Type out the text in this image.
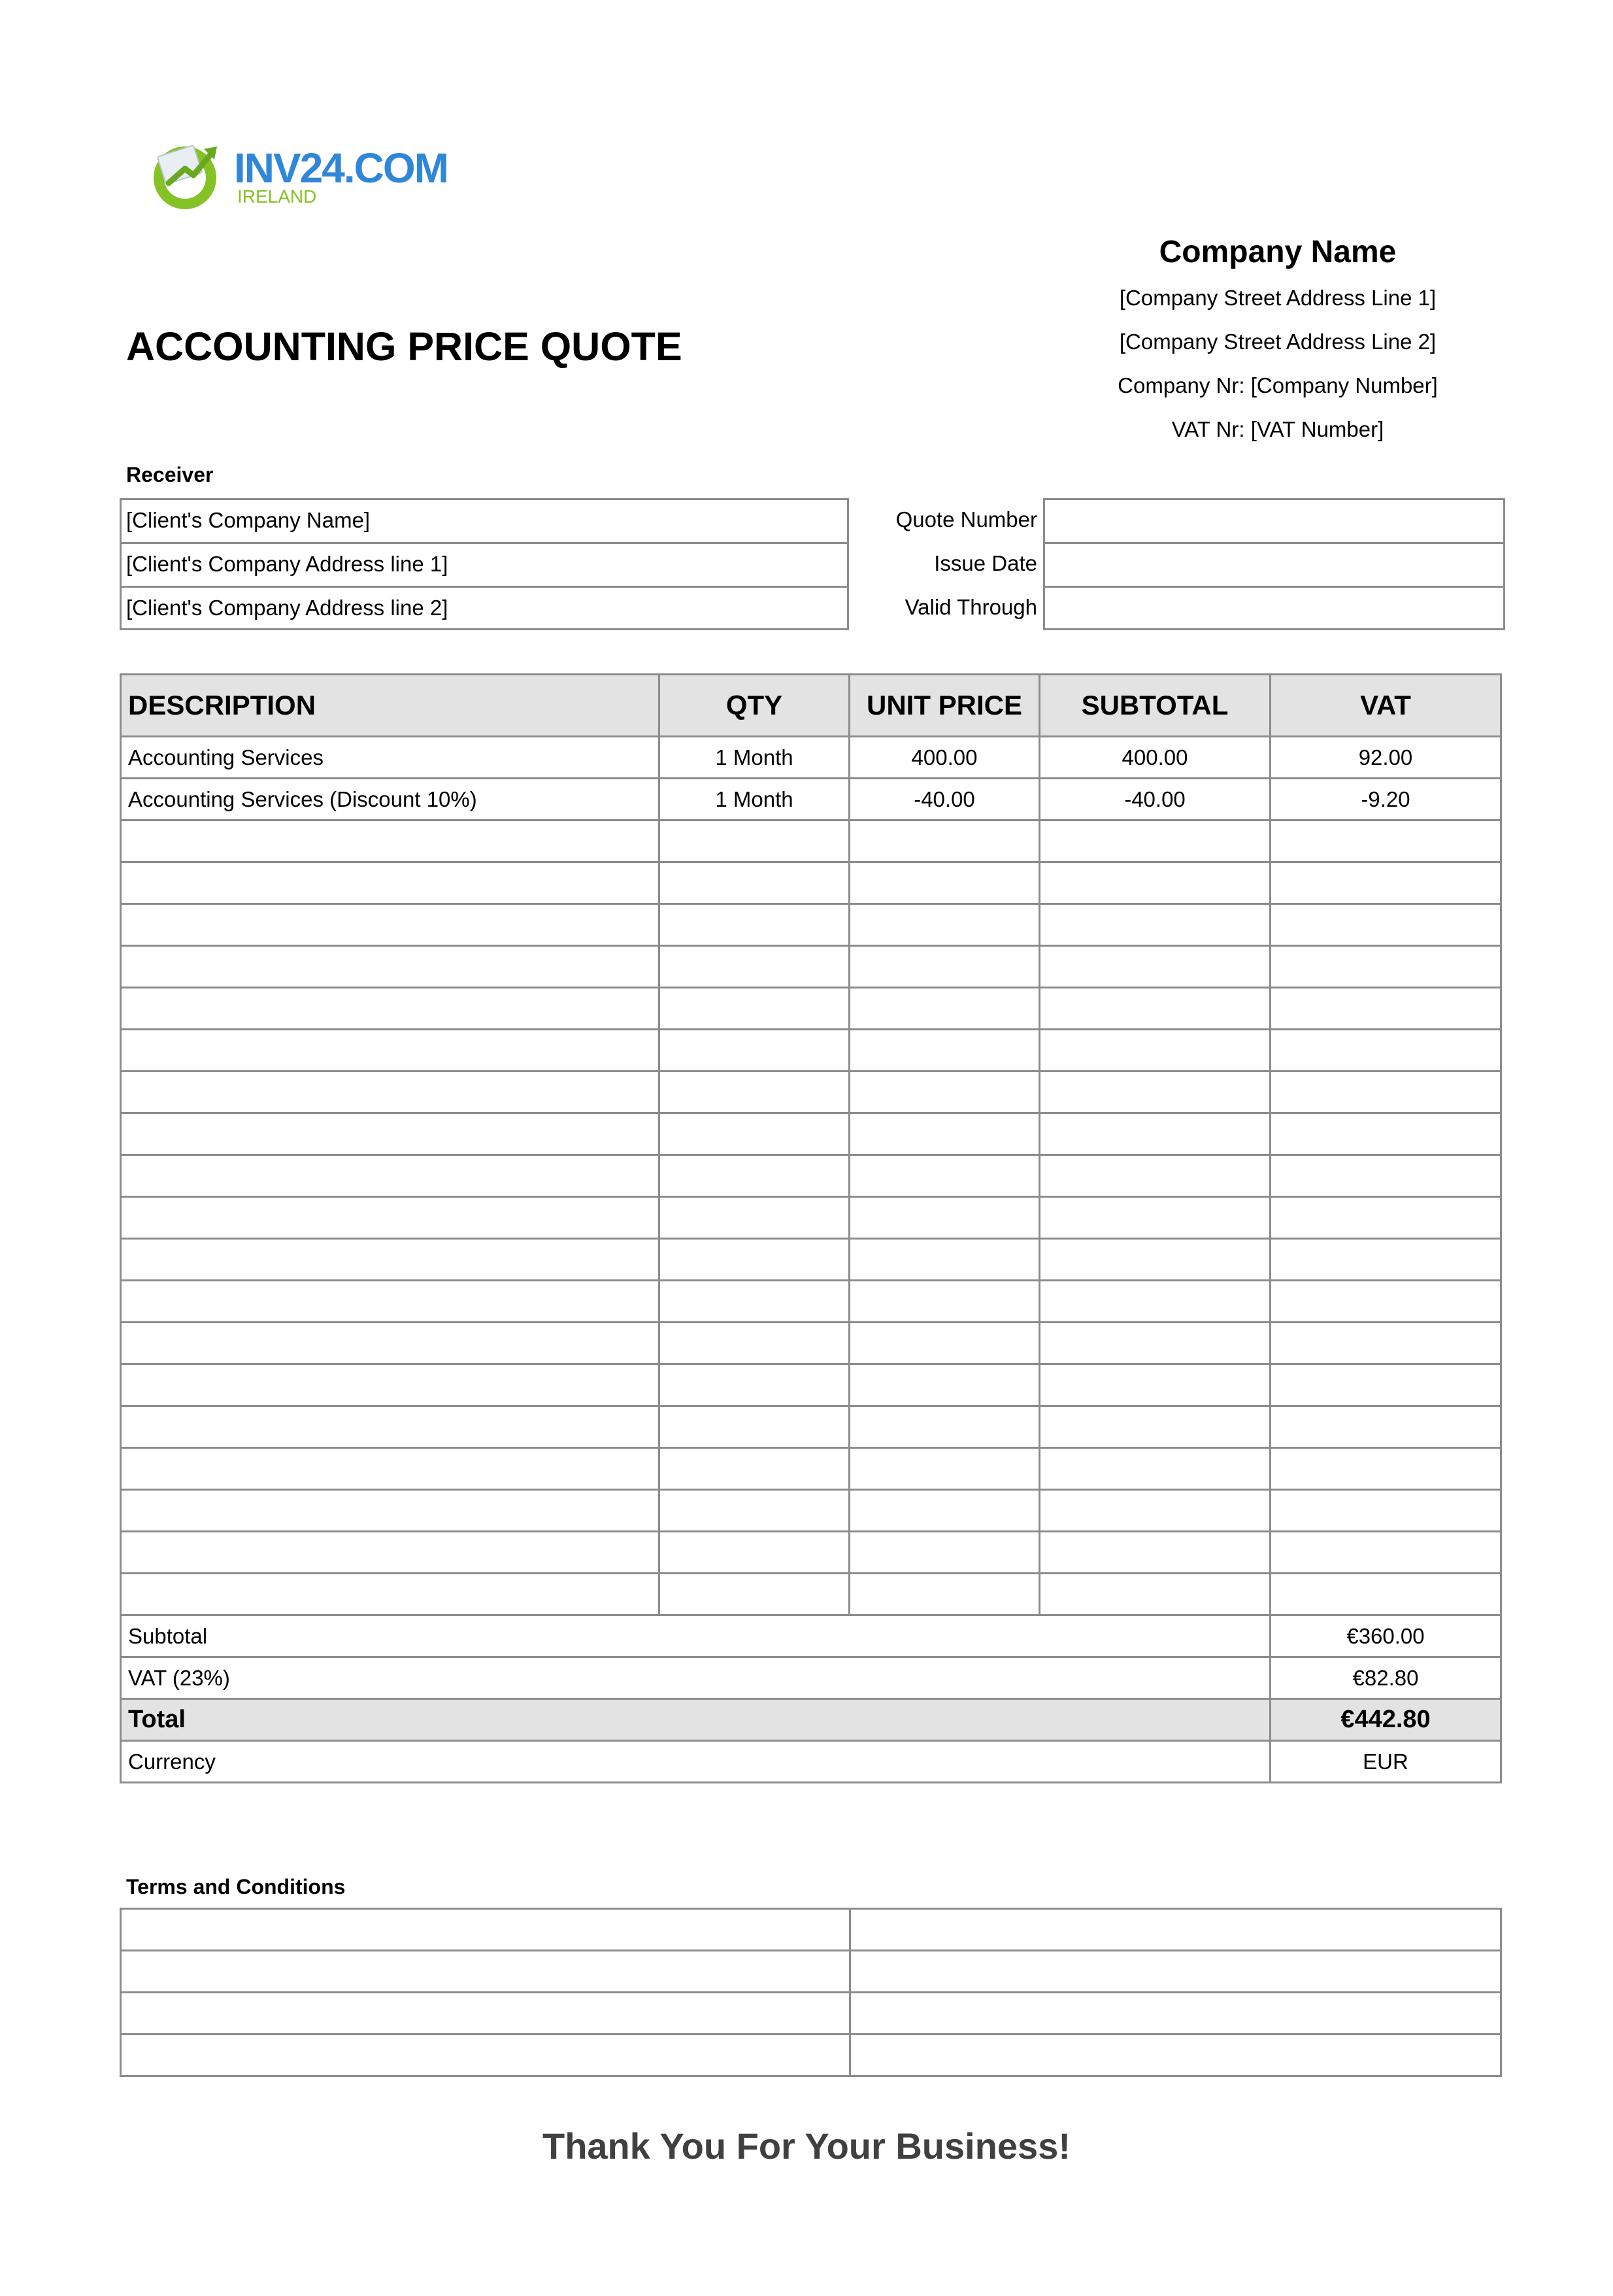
INV24.COM
IRELAND
ACCOUNTING PRICE QUOTE
Company Name
[Company Street Address Line 1]
[Company Street Address Line 2]
Company Nr: [Company Number]
VAT Nr: [VAT Number]
Receiver
[Client's Company Name]
[Client's Company Address line 1]
[Client's Company Address line 2]
Quote Number
Issue Date
Valid Through
DESCRIPTION	QTY	UNIT PRICE	SUBTOTAL	VAT
Accounting Services	1 Month	400.00	400.00	92.00
Accounting Services (Discount 10%)	1 Month	-40.00	-40.00	-9.20

Subtotal				€360.00
VAT (23%)				€82.80
Total				€442.80
Currency				EUR
Terms and Conditions

Thank You For Your Business!
